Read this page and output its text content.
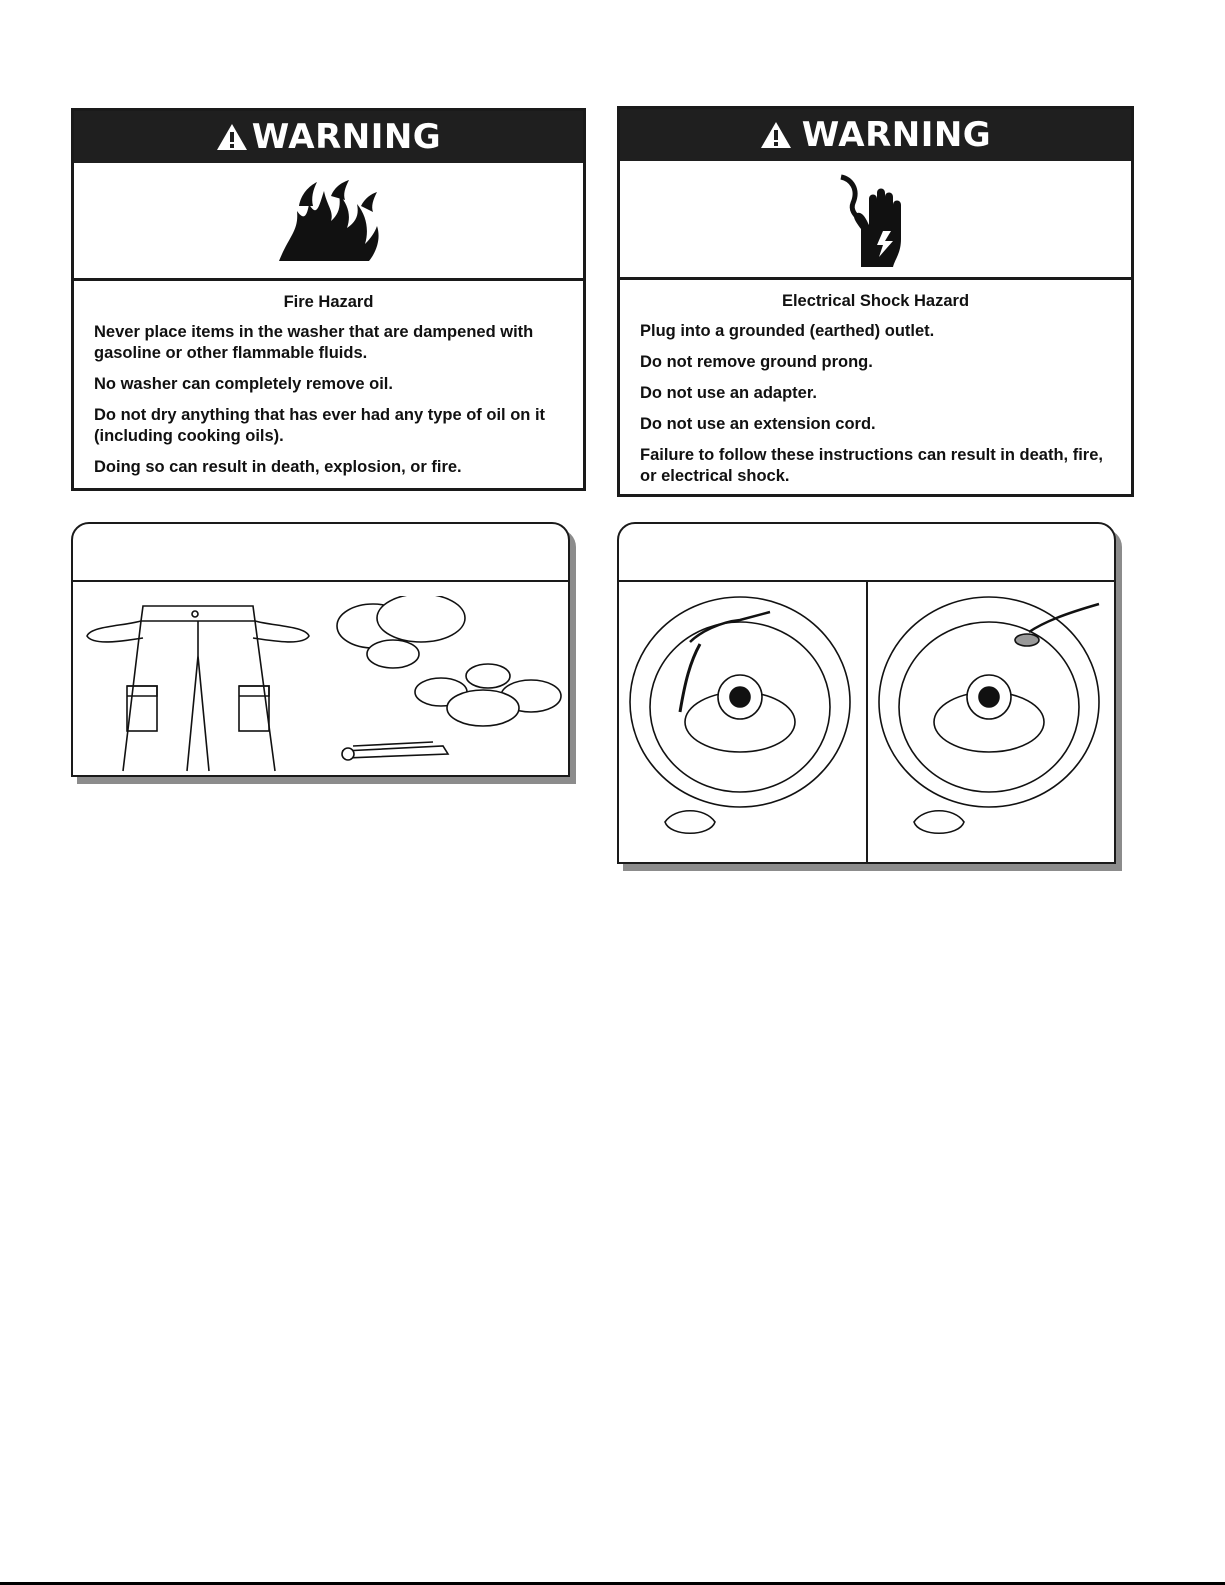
WARNING
Fire Hazard

Never place items in the washer that are dampened with gasoline or other flammable fluids.

No washer can completely remove oil.

Do not dry anything that has ever had any type of oil on it (including cooking oils).

Doing so can result in death, explosion, or fire.

WARNING
Electrical Shock Hazard

Plug into a grounded (earthed) outlet.

Do not remove ground prong.

Do not use an adapter.

Do not use an extension cord.

Failure to follow these instructions can result in death, fire, or electrical shock.
